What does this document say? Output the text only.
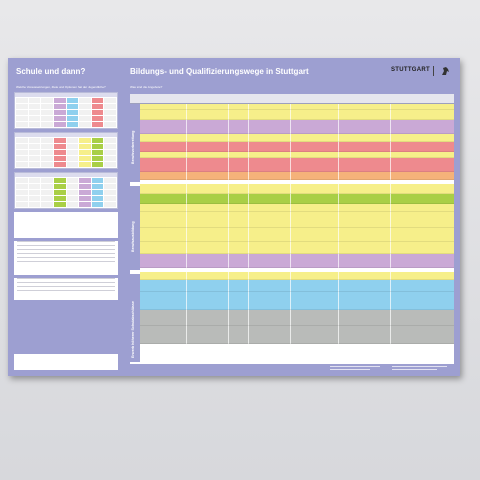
Schule und dann?
Welche Voraussetzungen, Ziele und Optionen hat der Jugendliche?
Bildungs- und Qualifizierungswege in Stuttgart
Was sind die Angebote?
STUTTGART
Berufsvorbereitung
Berufsausbildung
Erwerb höherer Schulabschlüsse
